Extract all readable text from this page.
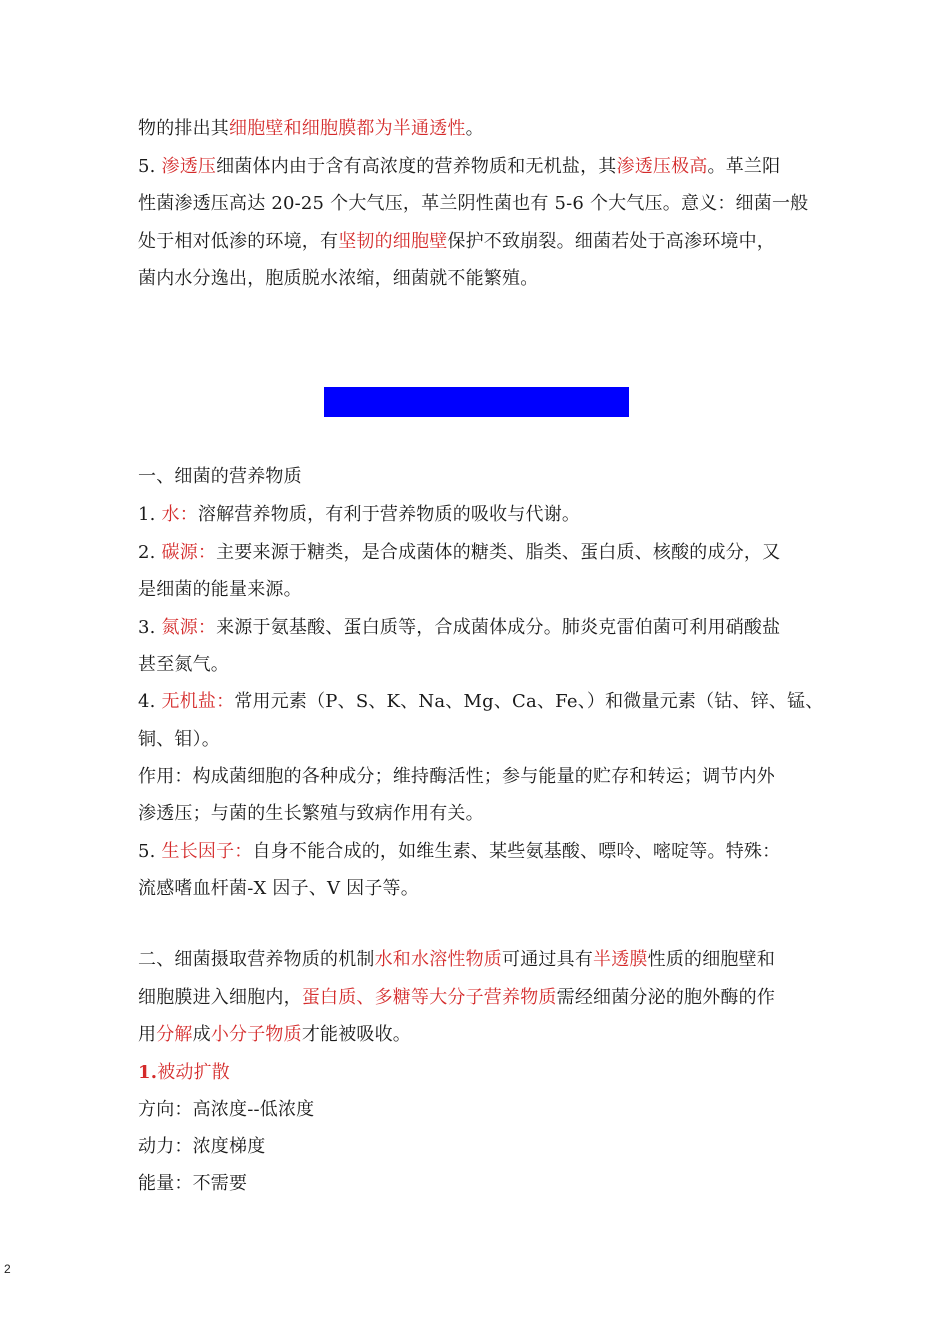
物的排出其细胞壁和细胞膜都为半通透性。
5. 渗透压细菌体内由于含有高浓度的营养物质和无机盐，其渗透压极高。革兰阳
性菌渗透压高达 20-25 个大气压，革兰阴性菌也有 5-6 个大气压。意义：细菌一般
处于相对低渗的环境，有坚韧的细胞壁保护不致崩裂。细菌若处于高渗环境中，
菌内水分逸出，胞质脱水浓缩，细菌就不能繁殖。
一、细菌的营养物质
1. 水：溶解营养物质，有利于营养物质的吸收与代谢。
2. 碳源：主要来源于糖类，是合成菌体的糖类、脂类、蛋白质、核酸的成分，又
是细菌的能量来源。
3. 氮源：来源于氨基酸、蛋白质等，合成菌体成分。肺炎克雷伯菌可利用硝酸盐
甚至氮气。
4. 无机盐：常用元素（P、S、K、Na、Mg、Ca、Fe、）和微量元素（钴、锌、锰、
铜、钼）。
作用：构成菌细胞的各种成分；维持酶活性；参与能量的贮存和转运；调节内外
渗透压；与菌的生长繁殖与致病作用有关。
5. 生长因子：自身不能合成的，如维生素、某些氨基酸、嘌呤、嘧啶等。特殊：
流感嗜血杆菌-X 因子、V 因子等。
二、细菌摄取营养物质的机制水和水溶性物质可通过具有半透膜性质的细胞壁和
细胞膜进入细胞内，蛋白质、多糖等大分子营养物质需经细菌分泌的胞外酶的作
用分解成小分子物质才能被吸收。
1.被动扩散
方向：高浓度--低浓度
动力：浓度梯度
能量：不需要
2
